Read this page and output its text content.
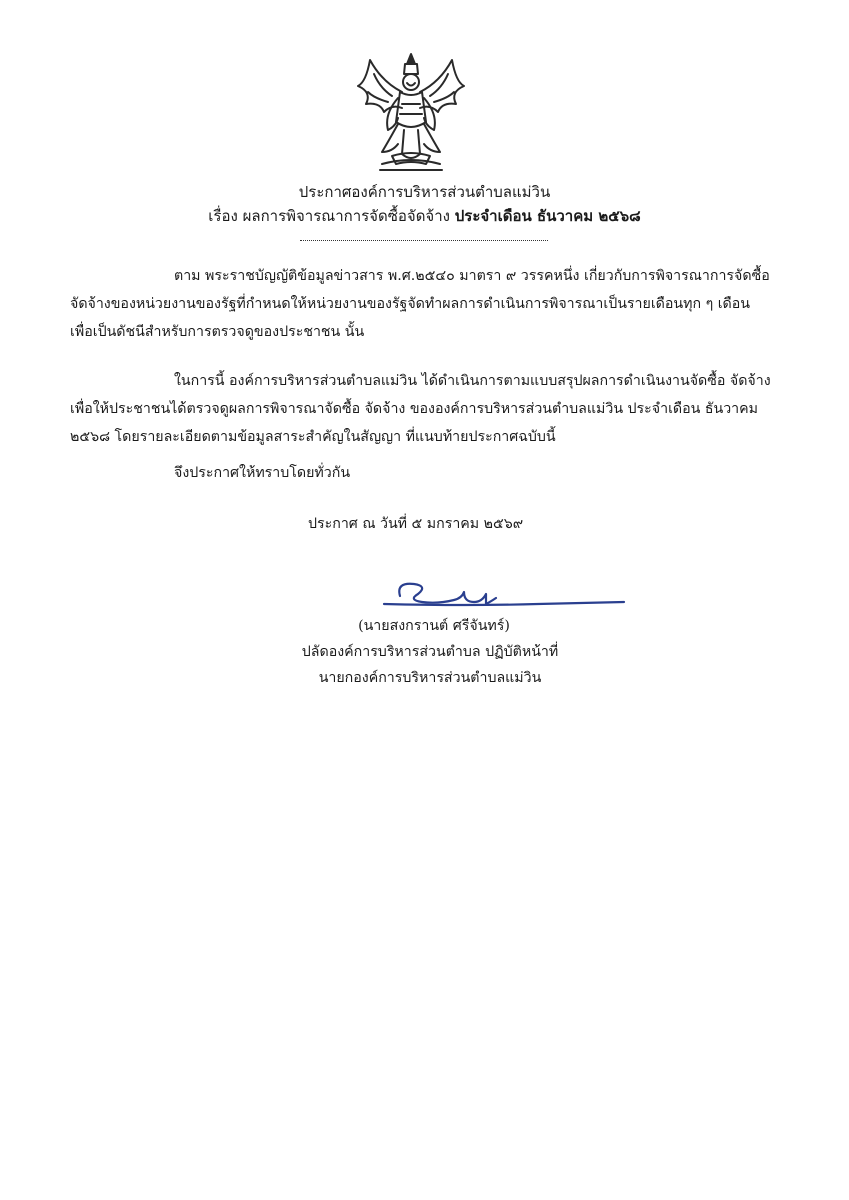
ประกาศองค์การบริหารส่วนตำบลแม่วิน
เรื่อง ผลการพิจารณาการจัดซื้อจัดจ้าง ประจำเดือน ธันวาคม ๒๕๖๘
ตาม พระราชบัญญัติข้อมูลข่าวสาร พ.ศ.๒๕๔๐ มาตรา ๙ วรรคหนึ่ง เกี่ยวกับการพิจารณาการจัดซื้อ
จัดจ้างของหน่วยงานของรัฐที่กำหนดให้หน่วยงานของรัฐจัดทำผลการดำเนินการพิจารณาเป็นรายเดือนทุก ๆ เดือน
เพื่อเป็นดัชนีสำหรับการตรวจดูของประชาชน นั้น
ในการนี้ องค์การบริหารส่วนตำบลแม่วิน ได้ดำเนินการตามแบบสรุปผลการดำเนินงานจัดซื้อ จัดจ้าง
เพื่อให้ประชาชนได้ตรวจดูผลการพิจารณาจัดซื้อ จัดจ้าง ขององค์การบริหารส่วนตำบลแม่วิน ประจำเดือน ธันวาคม
๒๕๖๘ โดยรายละเอียดตามข้อมูลสาระสำคัญในสัญญา ที่แนบท้ายประกาศฉบับนี้
จึงประกาศให้ทราบโดยทั่วกัน
ประกาศ ณ วันที่ ๕ มกราคม ๒๕๖๙
(นายสงกรานต์ ศรีจันทร์)
ปลัดองค์การบริหารส่วนตำบล ปฏิบัติหน้าที่
นายกองค์การบริหารส่วนตำบลแม่วิน
